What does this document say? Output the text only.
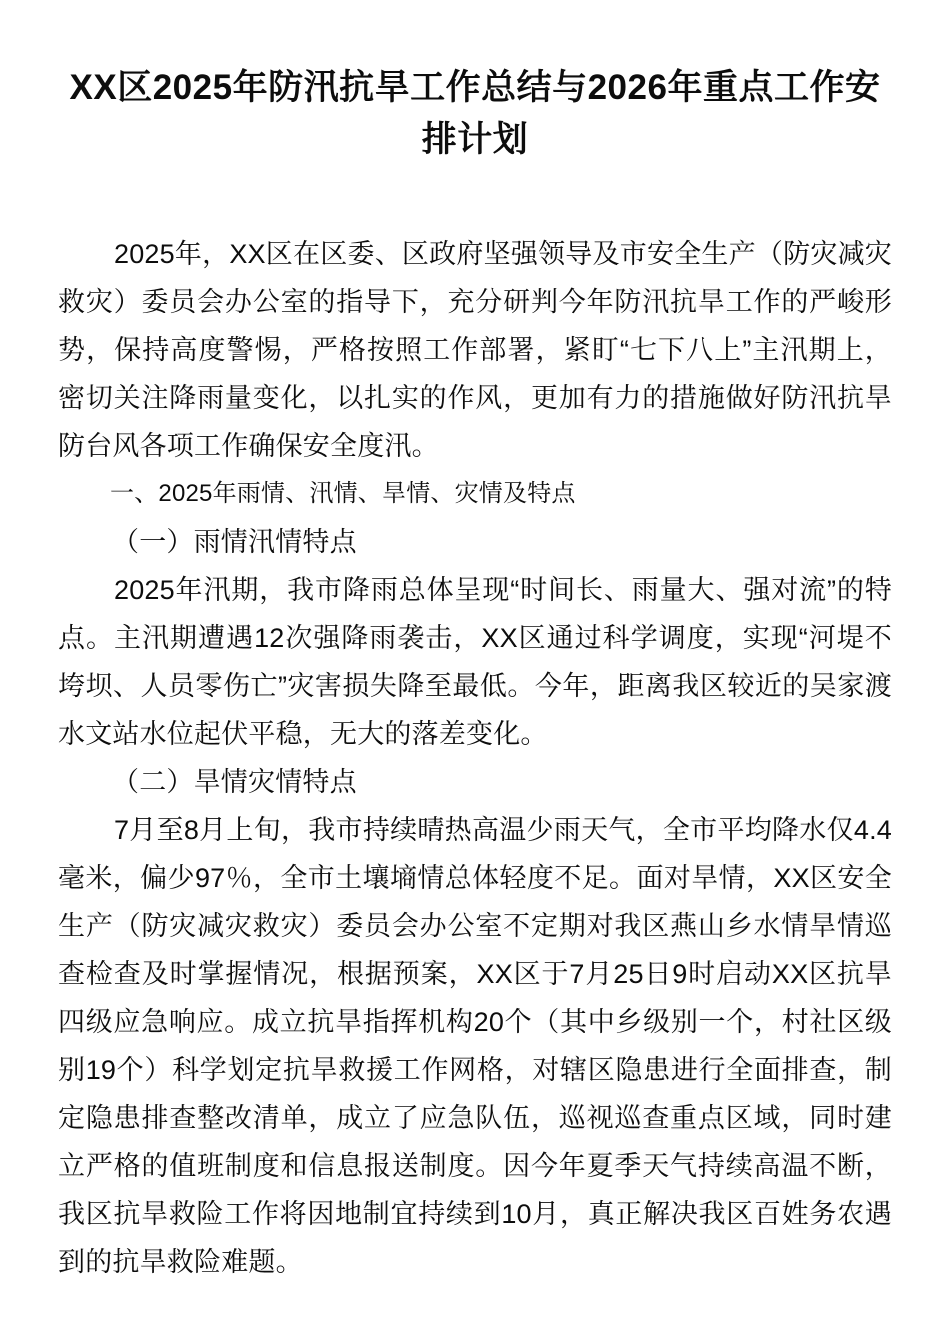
XX区2025年防汛抗旱工作总结与2026年重点工作安排计划

2025年，XX区在区委、区政府坚强领导及市安全生产（防灾减灾救灾）委员会办公室的指导下，充分研判今年防汛抗旱工作的严峻形势，保持高度警惕，严格按照工作部署，紧盯“七下八上”主汛期上，密切关注降雨量变化，以扎实的作风，更加有力的措施做好防汛抗旱防台风各项工作确保安全度汛。

一、2025年雨情、汛情、旱情、灾情及特点

（一）雨情汛情特点

2025年汛期，我市降雨总体呈现“时间长、雨量大、强对流”的特点。主汛期遭遇12次强降雨袭击，XX区通过科学调度，实现“河堤不垮坝、人员零伤亡”灾害损失降至最低。今年，距离我区较近的吴家渡水文站水位起伏平稳，无大的落差变化。

（二）旱情灾情特点

7月至8月上旬，我市持续晴热高温少雨天气，全市平均降水仅4.4毫米，偏少97％，全市土壤墒情总体轻度不足。面对旱情，XX区安全生产（防灾减灾救灾）委员会办公室不定期对我区燕山乡水情旱情巡查检查及时掌握情况，根据预案，XX区于7月25日9时启动XX区抗旱四级应急响应。成立抗旱指挥机构20个（其中乡级别一个，村社区级别19个）科学划定抗旱救援工作网格，对辖区隐患进行全面排查，制定隐患排查整改清单，成立了应急队伍，巡视巡查重点区域，同时建立严格的值班制度和信息报送制度。因今年夏季天气持续高温不断，我区抗旱救险工作将因地制宜持续到10月，真正解决我区百姓务农遇到的抗旱救险难题。
